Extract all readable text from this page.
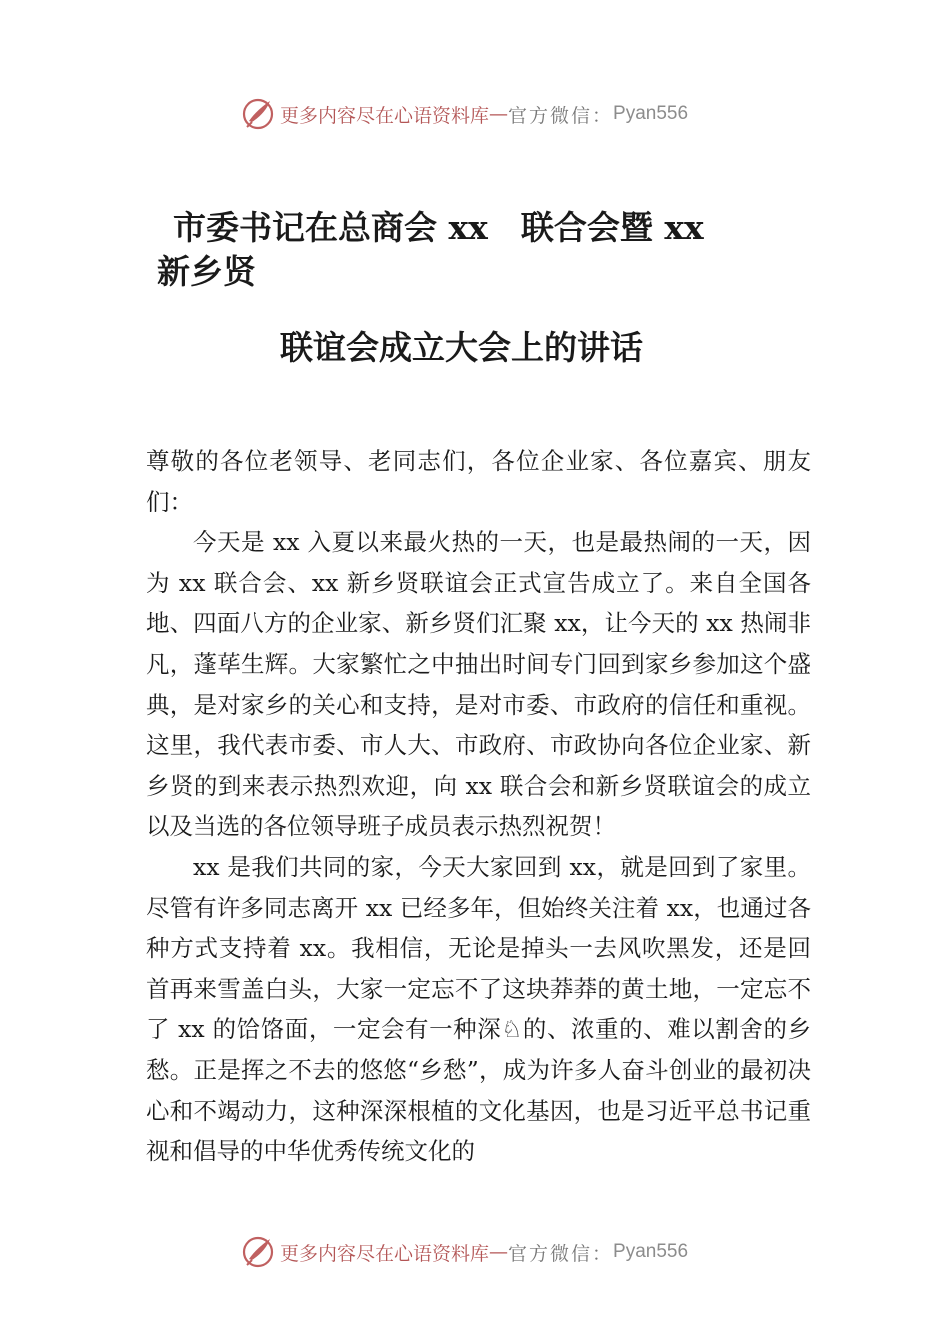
更多内容尽在心语资料库 — 官方微信： Pyan556
市委书记在总商会 xx　联合会暨 xx
新乡贤
联谊会成立大会上的讲话

尊敬的各位老领导、老同志们，各位企业家、各位嘉宾、朋友们：

今天是 xx 入夏以来最火热的一天，也是最热闹的一天，因为 xx 联合会、xx 新乡贤联谊会正式宣告成立了。来自全国各地、四面八方的企业家、新乡贤们汇聚 xx，让今天的 xx 热闹非凡，蓬荜生辉。大家繁忙之中抽出时间专门回到家乡参加这个盛典，是对家乡的关心和支持，是对市委、市政府的信任和重视。这里，我代表市委、市人大、市政府、市政协向各位企业家、新乡贤的到来表示热烈欢迎，向 xx 联合会和新乡贤联谊会的成立以及当选的各位领导班子成员表示热烈祝贺！

xx 是我们共同的家，今天大家回到 xx，就是回到了家里。尽管有许多同志离开 xx 已经多年，但始终关注着 xx，也通过各种方式支持着 xx。我相信，无论是掉头一去风吹黑发，还是回首再来雪盖白头，大家一定忘不了这块莽莽的黄土地，一定忘不了 xx 的饸饹面，一定会有一种深♘的、浓重的、难以割舍的乡愁。正是挥之不去的悠悠“乡愁”，成为许多人奋斗创业的最初决心和不竭动力，这种深深根植的文化基因，也是习近平总书记重视和倡导的中华优秀传统文化的

更多内容尽在心语资料库 — 官方微信： Pyan556
